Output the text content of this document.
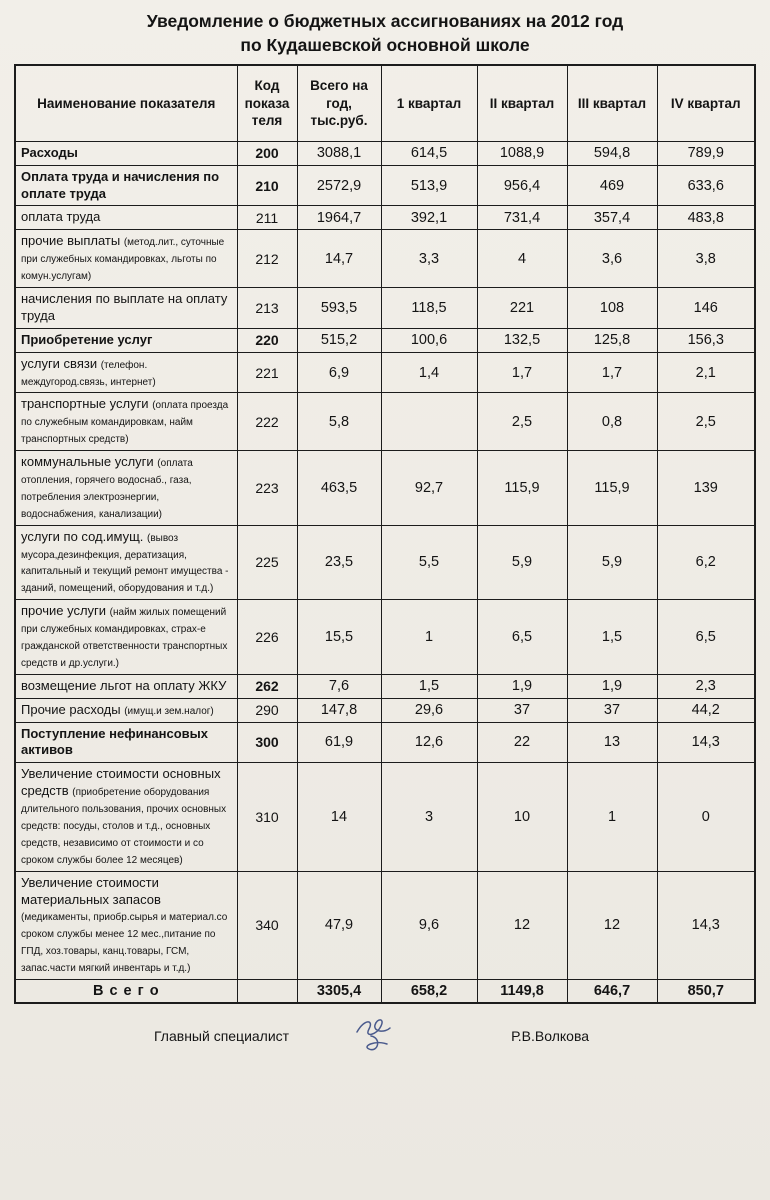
Уведомление о бюджетных ассигнованиях на 2012 год
по Кудашевской основной школе
Наименование показателя	Код показателя	Всего на год, тыс.руб.	1 квартал	II квартал	III квартал	IV квартал
Расходы	200	3088,1	614,5	1088,9	594,8	789,9
Оплата труда и начисления по оплате труда	210	2572,9	513,9	956,4	469	633,6
оплата труда	211	1964,7	392,1	731,4	357,4	483,8
прочие выплаты (метод.лит., суточные при служебных командировках, льготы по комун.услугам)	212	14,7	3,3	4	3,6	3,8
начисления по выплате на оплату труда	213	593,5	118,5	221	108	146
Приобретение услуг	220	515,2	100,6	132,5	125,8	156,3
услуги связи (телефон. междугород.связь, интернет)	221	6,9	1,4	1,7	1,7	2,1
транспортные услуги (оплата проезда по служебным командировкам, найм транспортных средств)	222	5,8		2,5	0,8	2,5
коммунальные услуги (оплата отопления, горячего водоснаб., газа, потребления электроэнергии, водоснабжения, канализации)	223	463,5	92,7	115,9	115,9	139
услуги по сод.имущ. (вывоз мусора,дезинфекция, дератизация, капитальный и текущий ремонт имущества - зданий, помещений, оборудования и т.д.)	225	23,5	5,5	5,9	5,9	6,2
прочие услуги (найм жилых помещений при служебных командировках, страх-е гражданской ответственности транспортных средств и др.услуги.)	226	15,5	1	6,5	1,5	6,5
возмещение льгот на оплату ЖКУ	262	7,6	1,5	1,9	1,9	2,3
Прочие расходы (имущ.и зем.налог)	290	147,8	29,6	37	37	44,2
Поступление нефинансовых активов	300	61,9	12,6	22	13	14,3
Увеличение стоимости основных средств (приобретение оборудования длительного пользования, прочих основных средств: посуды, столов и т.д., основных средств, независимо от стоимости и со сроком службы более 12 месяцев)	310	14	3	10	1	0
Увеличение стоимости материальных запасов (медикаменты, приобр.сырья и материал.со сроком службы менее 12 мес.,питание по ГПД, хоз.товары, канц.товары, ГСМ, запас.части мягкий инвентарь и т.д.)	340	47,9	9,6	12	12	14,3
В с е г о		3305,4	658,2	1149,8	646,7	850,7
Главный специалист	Р.В.Волкова
